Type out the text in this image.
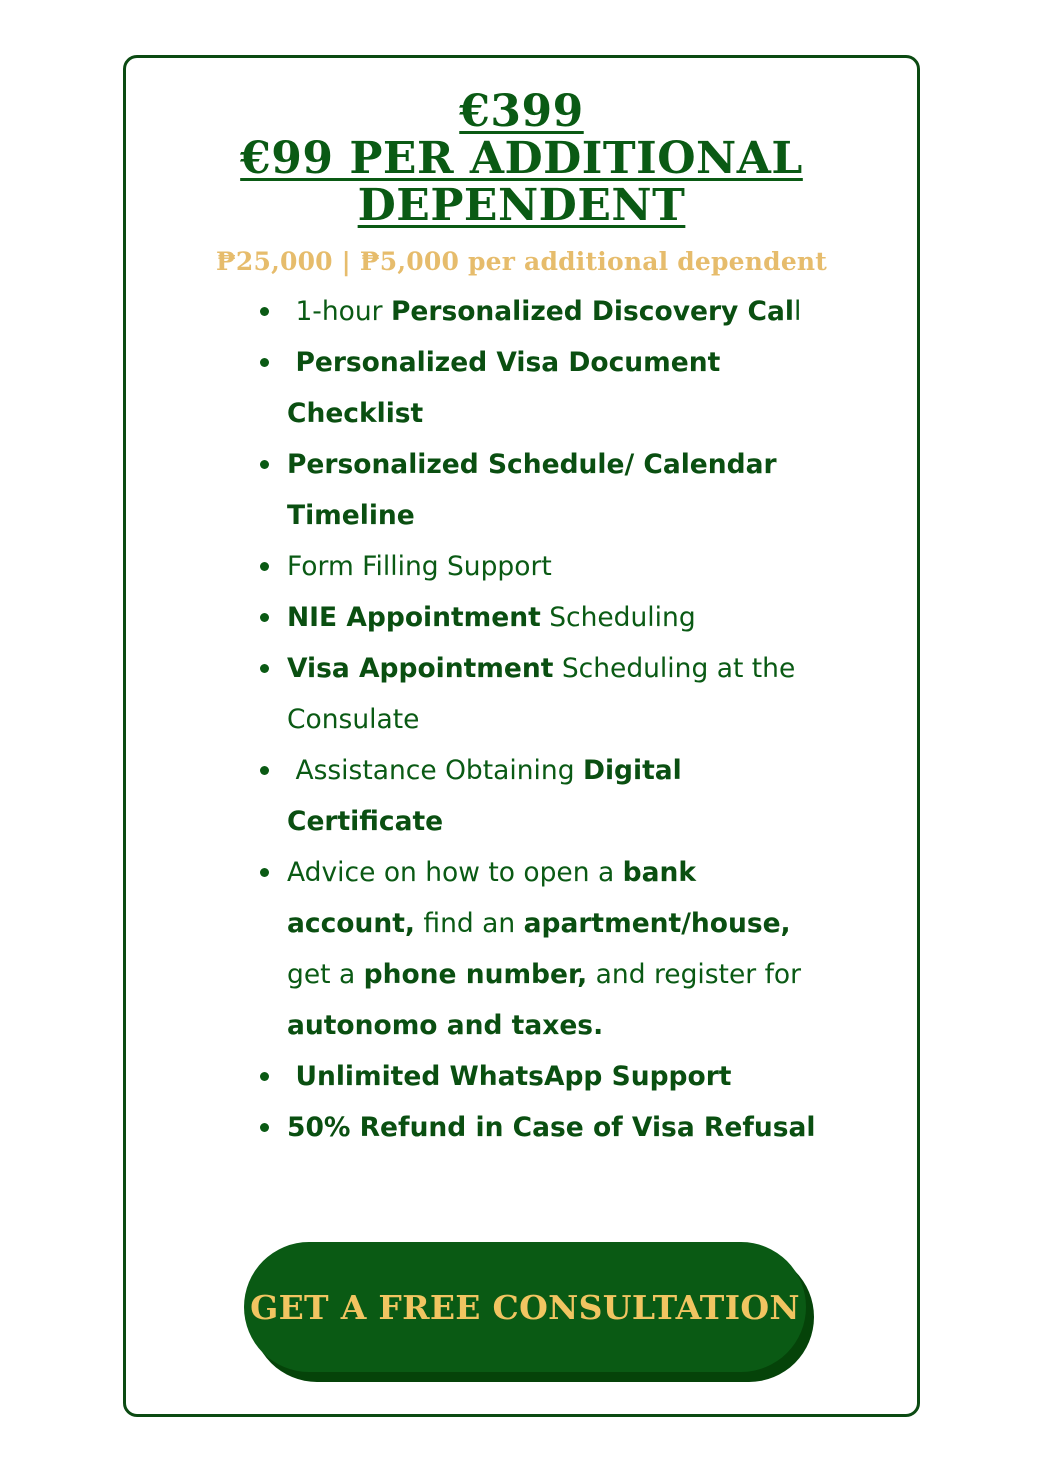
€399
€99 PER ADDITIONAL
DEPENDENT
₱25,000 | ₱5,000 per additional dependent
1-hour Personalized Discovery Call
Personalized Visa Document Checklist
Personalized Schedule/ Calendar Timeline
Form Filling Support
NIE Appointment Scheduling
Visa Appointment Scheduling at the Consulate
Assistance Obtaining Digital Certificate
Advice on how to open a bank account, find an apartment/house, get a phone number, and register for autonomo and taxes.
Unlimited WhatsApp Support
50% Refund in Case of Visa Refusal
GET A FREE CONSULTATION
